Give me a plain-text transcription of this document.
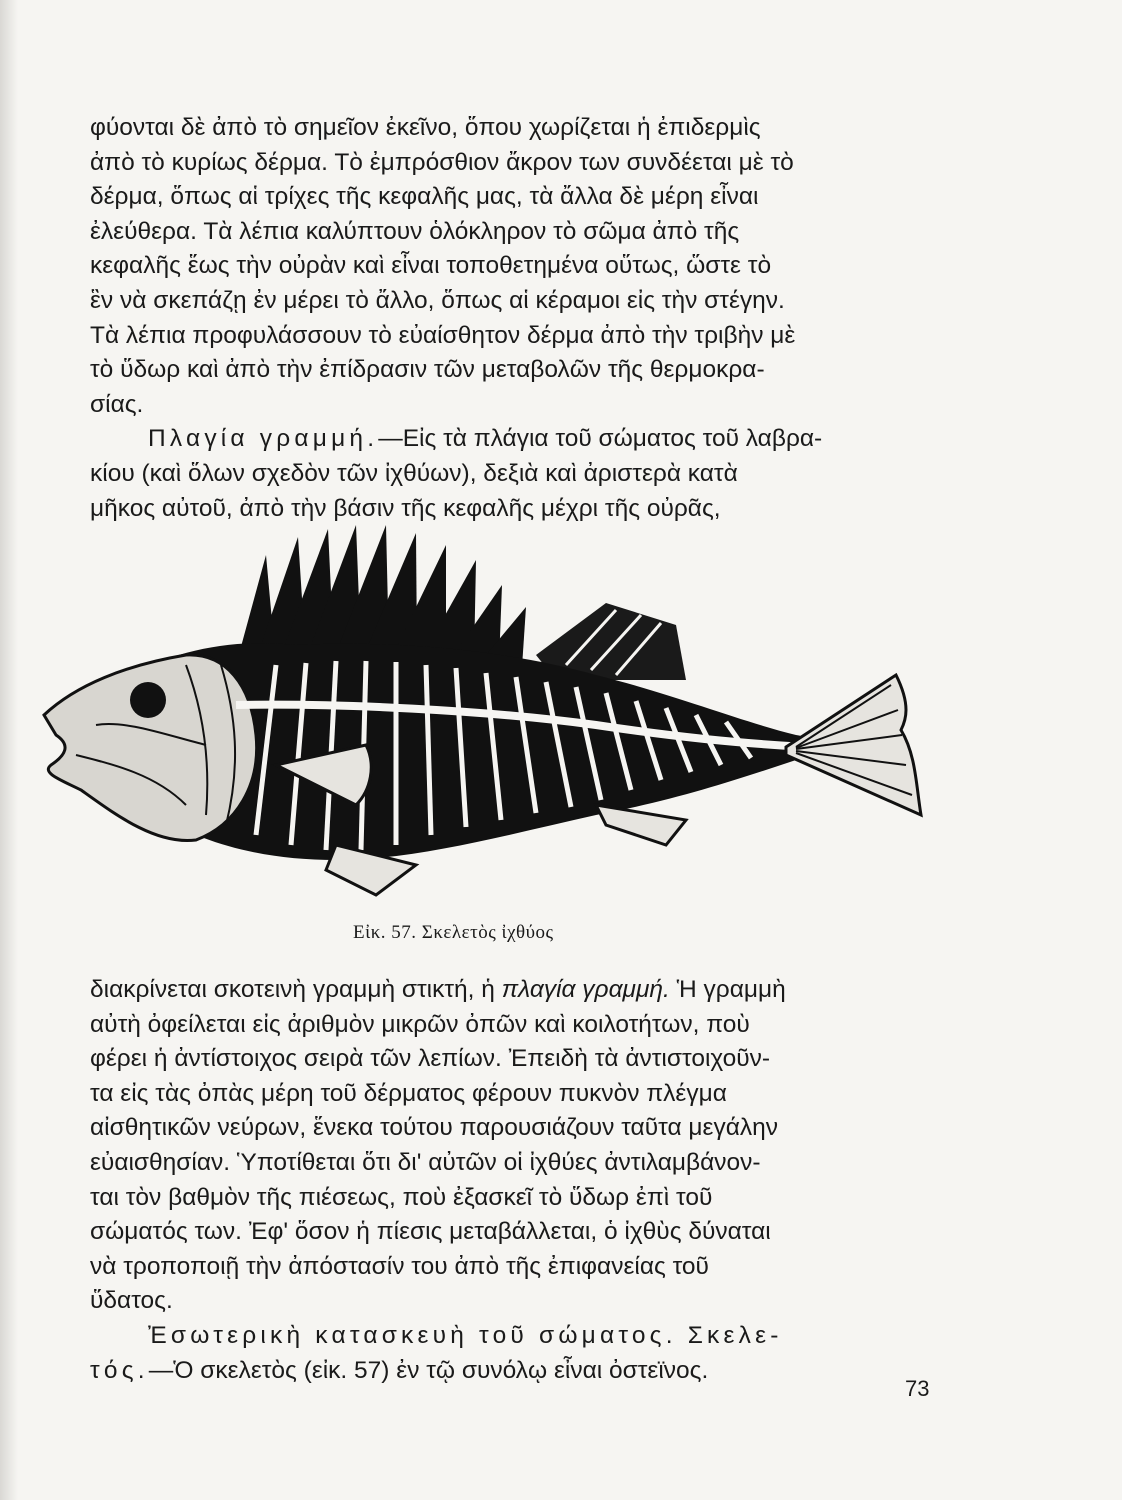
φύονται δὲ ἀπὸ τὸ σημεῖον ἐκεῖνο, ὅπου χωρίζεται ἡ ἐπιδερμὶς
ἀπὸ τὸ κυρίως δέρμα. Τὸ ἐμπρόσθιον ἄκρον των συνδέεται μὲ τὸ
δέρμα, ὅπως αἱ τρίχες τῆς κεφαλῆς μας, τὰ ἄλλα δὲ μέρη εἶναι
ἐλεύθερα. Τὰ λέπια καλύπτουν ὁλόκληρον τὸ σῶμα ἀπὸ τῆς
κεφαλῆς ἕως τὴν οὐρὰν καὶ εἶναι τοποθετημένα οὕτως, ὥστε τὸ
ἓν νὰ σκεπάζῃ ἐν μέρει τὸ ἄλλο, ὅπως αἱ κέραμοι εἰς τὴν στέγην.
Τὰ λέπια προφυλάσσουν τὸ εὐαίσθητον δέρμα ἀπὸ τὴν τριβὴν μὲ
τὸ ὕδωρ καὶ ἀπὸ τὴν ἐπίδρασιν τῶν μεταβολῶν τῆς θερμοκρα-
σίας.
Πλαγία γραμμή. —Εἰς τὰ πλάγια τοῦ σώματος τοῦ λαβρα-
κίου (καὶ ὅλων σχεδὸν τῶν ἰχθύων), δεξιὰ καὶ ἀριστερὰ κατὰ
μῆκος αὐτοῦ, ἀπὸ τὴν βάσιν τῆς κεφαλῆς μέχρι τῆς οὐρᾶς,
Εἰκ. 57. Σκελετὸς ἰχθύος
διακρίνεται σκοτεινὴ γραμμὴ στικτή, ἡ πλαγία γραμμή. Ἡ γραμμὴ
αὐτὴ ὀφείλεται εἰς ἀριθμὸν μικρῶν ὀπῶν καὶ κοιλοτήτων, ποὺ
φέρει ἡ ἀντίστοιχος σειρὰ τῶν λεπίων. Ἐπειδὴ τὰ ἀντιστοιχοῦν-
τα εἰς τὰς ὀπὰς μέρη τοῦ δέρματος φέρουν πυκνὸν πλέγμα
αἰσθητικῶν νεύρων, ἕνεκα τούτου παρουσιάζουν ταῦτα μεγάλην
εὐαισθησίαν. Ὑποτίθεται ὅτι δι' αὐτῶν οἱ ἰχθύες ἀντιλαμβάνον-
ται τὸν βαθμὸν τῆς πιέσεως, ποὺ ἐξασκεῖ τὸ ὕδωρ ἐπὶ τοῦ
σώματός των. Ἐφ' ὅσον ἡ πίεσις μεταβάλλεται, ὁ ἰχθὺς δύναται
νὰ τροποποιῇ τὴν ἀπόστασίν του ἀπὸ τῆς ἐπιφανείας τοῦ
ὕδατος.
Ἐσωτερικὴ κατασκευὴ τοῦ σώματος. Σκελε-
τός. —Ὁ σκελετὸς (εἰκ. 57) ἐν τῷ συνόλῳ εἶναι ὀστεϊνος.
73
